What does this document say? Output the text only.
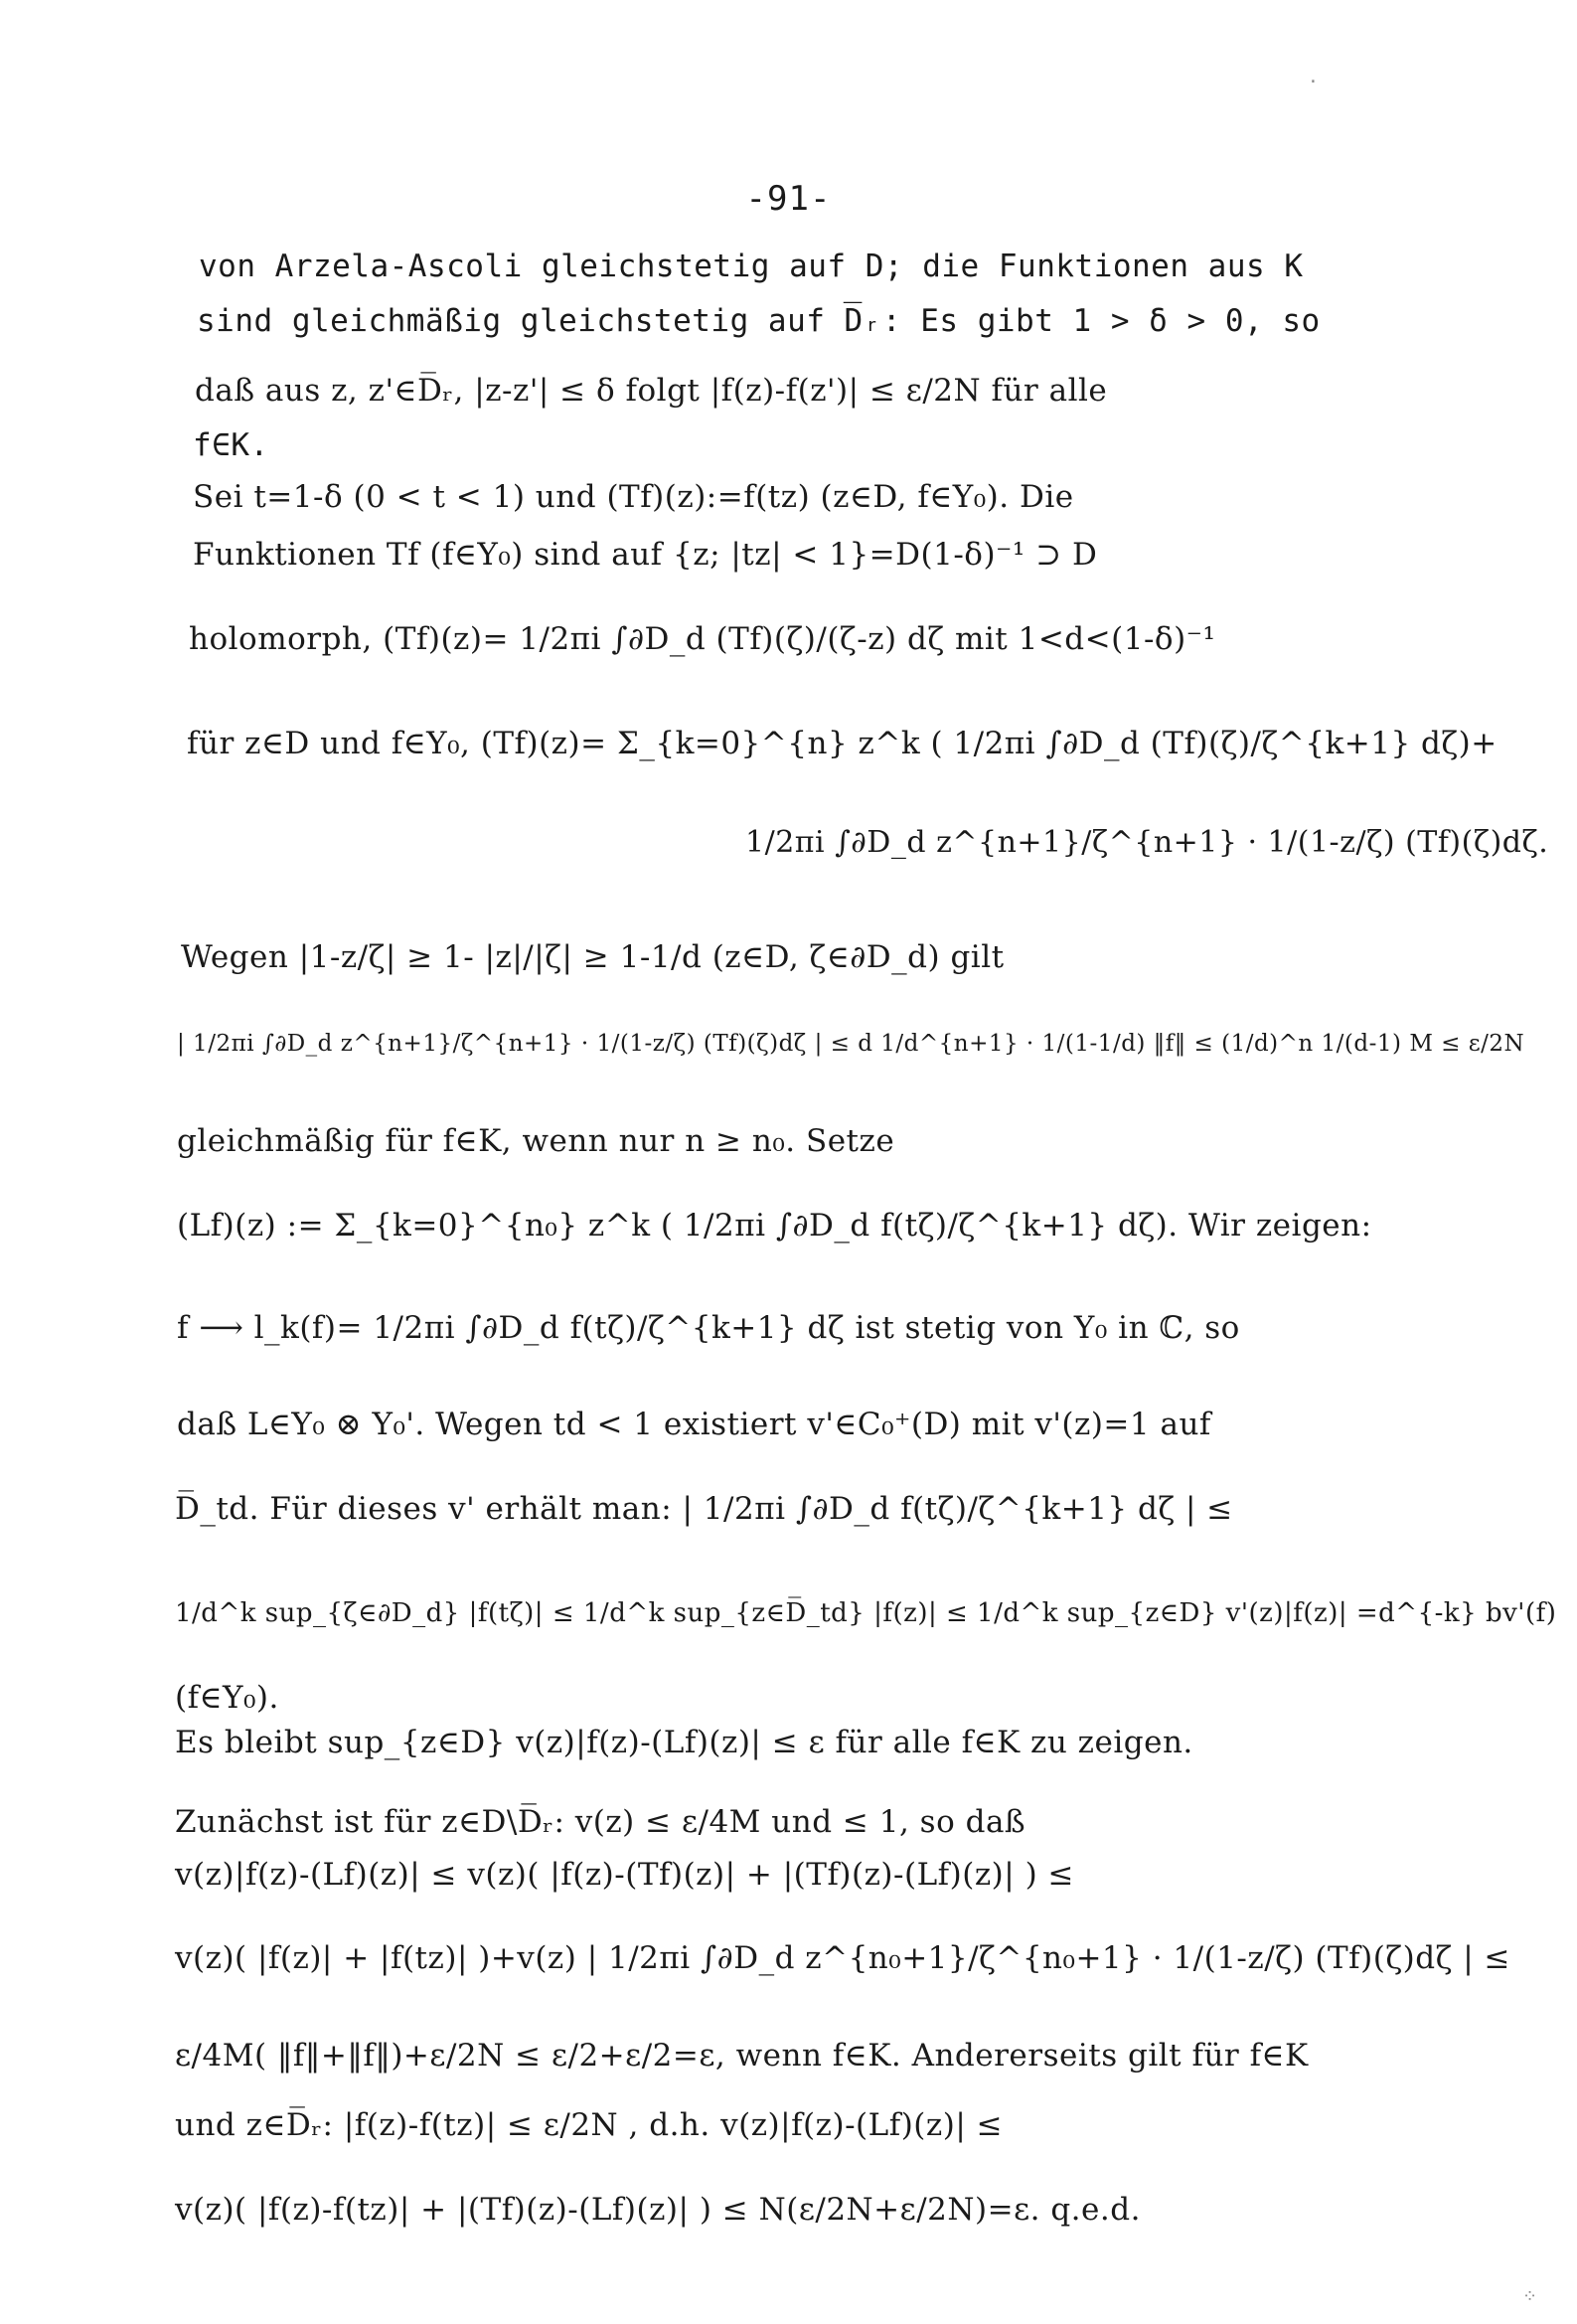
-91-
von Arzela-Ascoli gleichstetig auf D; die Funktionen aus K
sind gleichmäßig gleichstetig auf D̅ᵣ: Es gibt 1 > δ > 0, so
daß aus z, z'∈D̅ᵣ, |z-z'| ≤ δ folgt |f(z)-f(z')| ≤ ε/2N für alle
f∈K.
Sei t=1-δ (0 < t < 1) und (Tf)(z):=f(tz) (z∈D, f∈Y₀). Die
Funktionen Tf (f∈Y₀) sind auf {z; |tz| < 1}=D(1-δ)⁻¹ ⊃ D
holomorph, (Tf)(z)= 1/2πi ∫∂D_d (Tf)(ζ)/(ζ-z) dζ mit 1<d<(1-δ)⁻¹
für z∈D und f∈Y₀, (Tf)(z)= Σ_{k=0}^{n} z^k ( 1/2πi ∫∂D_d (Tf)(ζ)/ζ^{k+1} dζ)+
1/2πi ∫∂D_d z^{n+1}/ζ^{n+1} · 1/(1-z/ζ) (Tf)(ζ)dζ.
Wegen |1-z/ζ| ≥ 1- |z|/|ζ| ≥ 1-1/d (z∈D, ζ∈∂D_d) gilt
| 1/2πi ∫∂D_d z^{n+1}/ζ^{n+1} · 1/(1-z/ζ) (Tf)(ζ)dζ | ≤ d 1/d^{n+1} · 1/(1-1/d) ‖f‖ ≤ (1/d)^n 1/(d-1) M ≤ ε/2N
gleichmäßig für f∈K, wenn nur n ≥ n₀. Setze
(Lf)(z) := Σ_{k=0}^{n₀} z^k ( 1/2πi ∫∂D_d f(tζ)/ζ^{k+1} dζ). Wir zeigen:
f ⟶ l_k(f)= 1/2πi ∫∂D_d f(tζ)/ζ^{k+1} dζ ist stetig von Y₀ in ℂ, so
daß L∈Y₀ ⊗ Y₀'. Wegen td < 1 existiert v'∈C₀⁺(D) mit v'(z)=1 auf
D̅_td. Für dieses v' erhält man: | 1/2πi ∫∂D_d f(tζ)/ζ^{k+1} dζ | ≤
1/d^k sup_{ζ∈∂D_d} |f(tζ)| ≤ 1/d^k sup_{z∈D̅_td} |f(z)| ≤ 1/d^k sup_{z∈D} v'(z)|f(z)| =d^{-k} bv'(f)
(f∈Y₀).
Es bleibt sup_{z∈D} v(z)|f(z)-(Lf)(z)| ≤ ε für alle f∈K zu zeigen.
Zunächst ist für z∈D\D̅ᵣ: v(z) ≤ ε/4M und ≤ 1, so daß
v(z)|f(z)-(Lf)(z)| ≤ v(z)( |f(z)-(Tf)(z)| + |(Tf)(z)-(Lf)(z)| ) ≤
v(z)( |f(z)| + |f(tz)| )+v(z) | 1/2πi ∫∂D_d z^{n₀+1}/ζ^{n₀+1} · 1/(1-z/ζ) (Tf)(ζ)dζ | ≤
ε/4M( ‖f‖+‖f‖)+ε/2N ≤ ε/2+ε/2=ε, wenn f∈K. Andererseits gilt für f∈K
und z∈D̅ᵣ: |f(z)-f(tz)| ≤ ε/2N , d.h. v(z)|f(z)-(Lf)(z)| ≤
v(z)( |f(z)-f(tz)| + |(Tf)(z)-(Lf)(z)| ) ≤ N(ε/2N+ε/2N)=ε. q.e.d.
·
⁘
